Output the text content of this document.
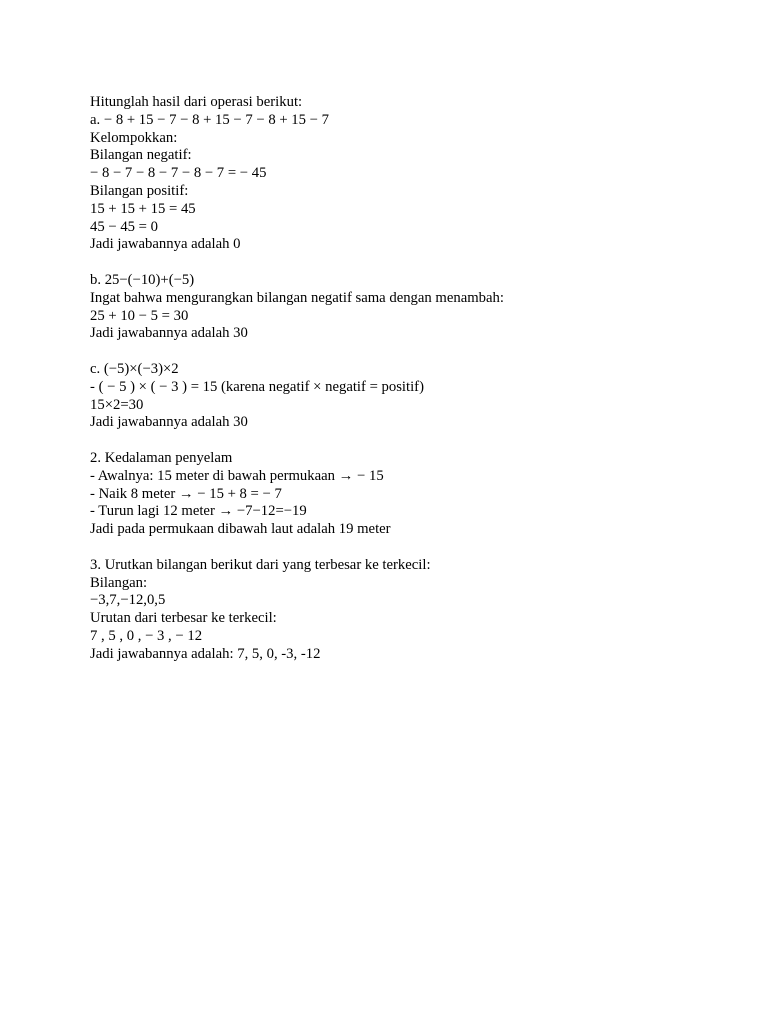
Hitunglah hasil dari operasi berikut:
a. − 8 + 15 − 7 − 8 + 15 − 7 − 8 + 15 − 7
Kelompokkan:
Bilangan negatif:
− 8 − 7 − 8 − 7 − 8 − 7 = − 45
Bilangan positif:
15 + 15 + 15 = 45
45 − 45 = 0
Jadi jawabannya adalah 0
b. 25−(−10)+(−5)
Ingat bahwa mengurangkan bilangan negatif sama dengan menambah:
25 + 10 − 5 = 30
Jadi jawabannya adalah 30
c. (−5)×(−3)×2
- ( − 5 ) × ( − 3 ) = 15 (karena negatif × negatif = positif)
15×2=30
Jadi jawabannya adalah 30
2. Kedalaman penyelam
- Awalnya: 15 meter di bawah permukaan → − 15
- Naik 8 meter → − 15 + 8 = − 7
- Turun lagi 12 meter → −7−12=−19
Jadi pada permukaan dibawah laut adalah 19 meter
3. Urutkan bilangan berikut dari yang terbesar ke terkecil:
Bilangan:
−3,7,−12,0,5
Urutan dari terbesar ke terkecil:
7 , 5 , 0 , − 3 , − 12
Jadi jawabannya adalah: 7, 5, 0, -3, -12
